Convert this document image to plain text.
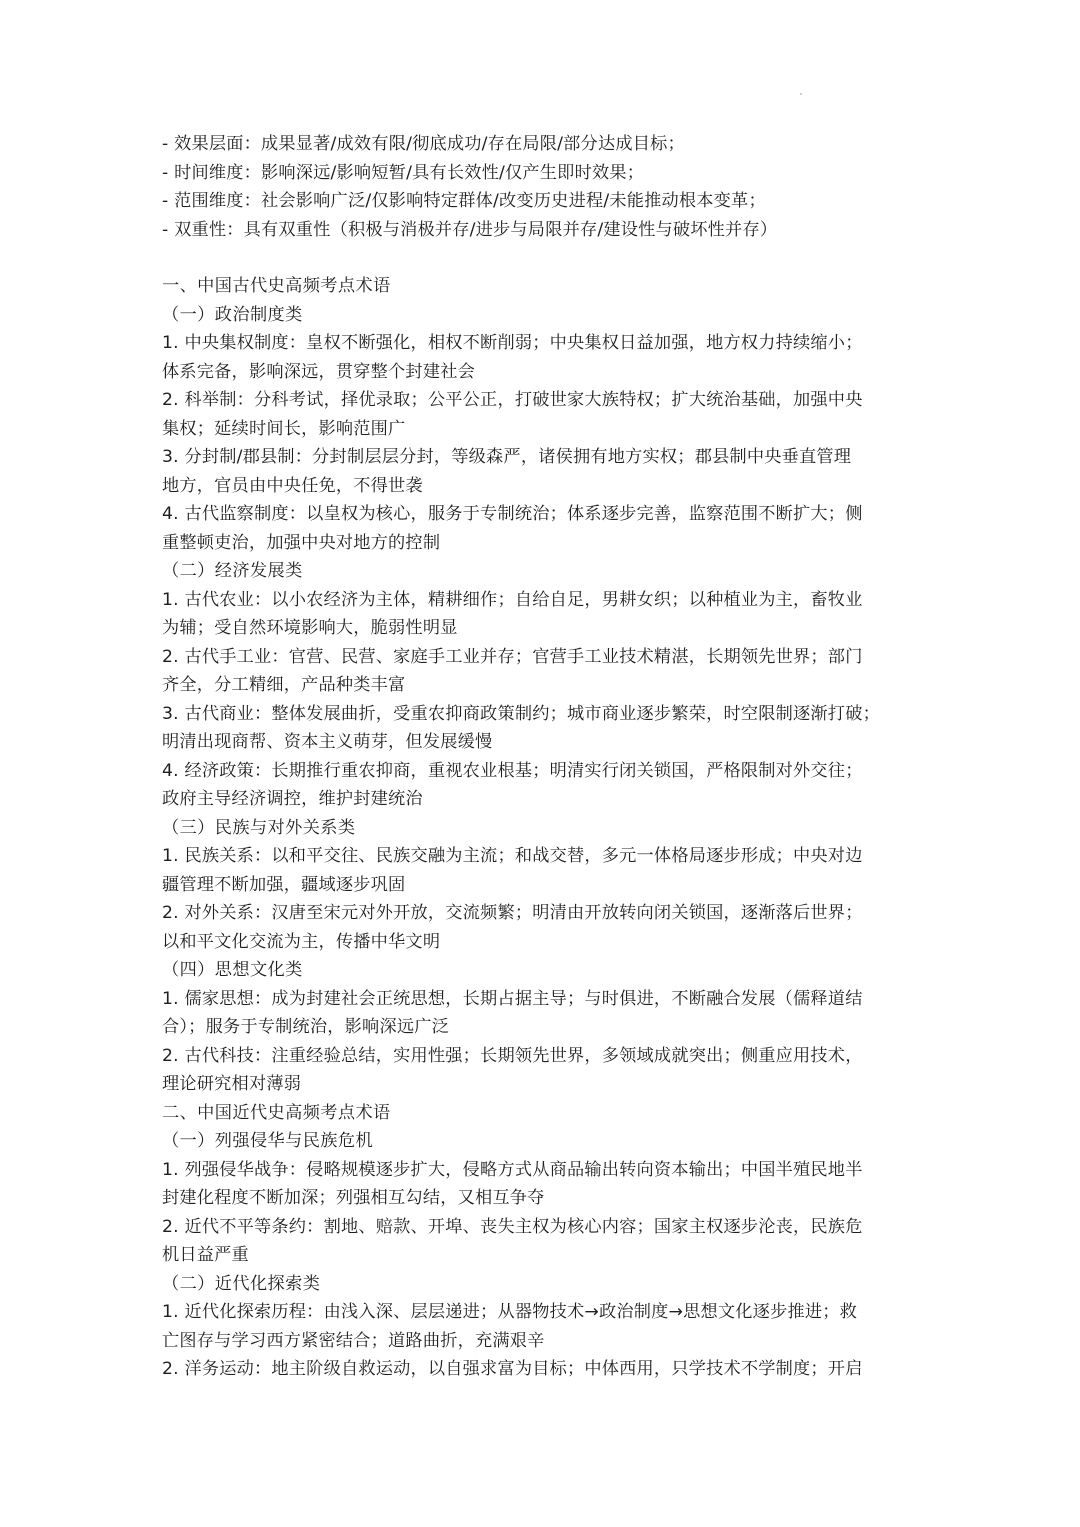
- 效果层面：成果显著/成效有限/彻底成功/存在局限/部分达成目标；
- 时间维度：影响深远/影响短暂/具有长效性/仅产生即时效果；
- 范围维度：社会影响广泛/仅影响特定群体/改变历史进程/未能推动根本变革；
- 双重性：具有双重性（积极与消极并存/进步与局限并存/建设性与破坏性并存）
一、中国古代史高频考点术语
（一）政治制度类
1. 中央集权制度：皇权不断强化，相权不断削弱；中央集权日益加强，地方权力持续缩小；
体系完备，影响深远，贯穿整个封建社会
2. 科举制：分科考试，择优录取；公平公正，打破世家大族特权；扩大统治基础，加强中央
集权；延续时间长，影响范围广
3. 分封制/郡县制：分封制层层分封，等级森严，诸侯拥有地方实权；郡县制中央垂直管理
地方，官员由中央任免，不得世袭
4. 古代监察制度：以皇权为核心，服务于专制统治；体系逐步完善，监察范围不断扩大；侧
重整顿吏治，加强中央对地方的控制
（二）经济发展类
1. 古代农业：以小农经济为主体，精耕细作；自给自足，男耕女织；以种植业为主，畜牧业
为辅；受自然环境影响大，脆弱性明显
2. 古代手工业：官营、民营、家庭手工业并存；官营手工业技术精湛，长期领先世界；部门
齐全，分工精细，产品种类丰富
3. 古代商业：整体发展曲折，受重农抑商政策制约；城市商业逐步繁荣，时空限制逐渐打破；
明清出现商帮、资本主义萌芽，但发展缓慢
4. 经济政策：长期推行重农抑商，重视农业根基；明清实行闭关锁国，严格限制对外交往；
政府主导经济调控，维护封建统治
（三）民族与对外关系类
1. 民族关系：以和平交往、民族交融为主流；和战交替，多元一体格局逐步形成；中央对边
疆管理不断加强，疆域逐步巩固
2. 对外关系：汉唐至宋元对外开放，交流频繁；明清由开放转向闭关锁国，逐渐落后世界；
以和平文化交流为主，传播中华文明
（四）思想文化类
1. 儒家思想：成为封建社会正统思想，长期占据主导；与时俱进，不断融合发展（儒释道结
合）；服务于专制统治，影响深远广泛
2. 古代科技：注重经验总结，实用性强；长期领先世界，多领域成就突出；侧重应用技术，
理论研究相对薄弱
二、中国近代史高频考点术语
（一）列强侵华与民族危机
1. 列强侵华战争：侵略规模逐步扩大，侵略方式从商品输出转向资本输出；中国半殖民地半
封建化程度不断加深；列强相互勾结，又相互争夺
2. 近代不平等条约：割地、赔款、开埠、丧失主权为核心内容；国家主权逐步沦丧，民族危
机日益严重
（二）近代化探索类
1. 近代化探索历程：由浅入深、层层递进；从器物技术→政治制度→思想文化逐步推进；救
亡图存与学习西方紧密结合；道路曲折，充满艰辛
2. 洋务运动：地主阶级自救运动，以自强求富为目标；中体西用，只学技术不学制度；开启
